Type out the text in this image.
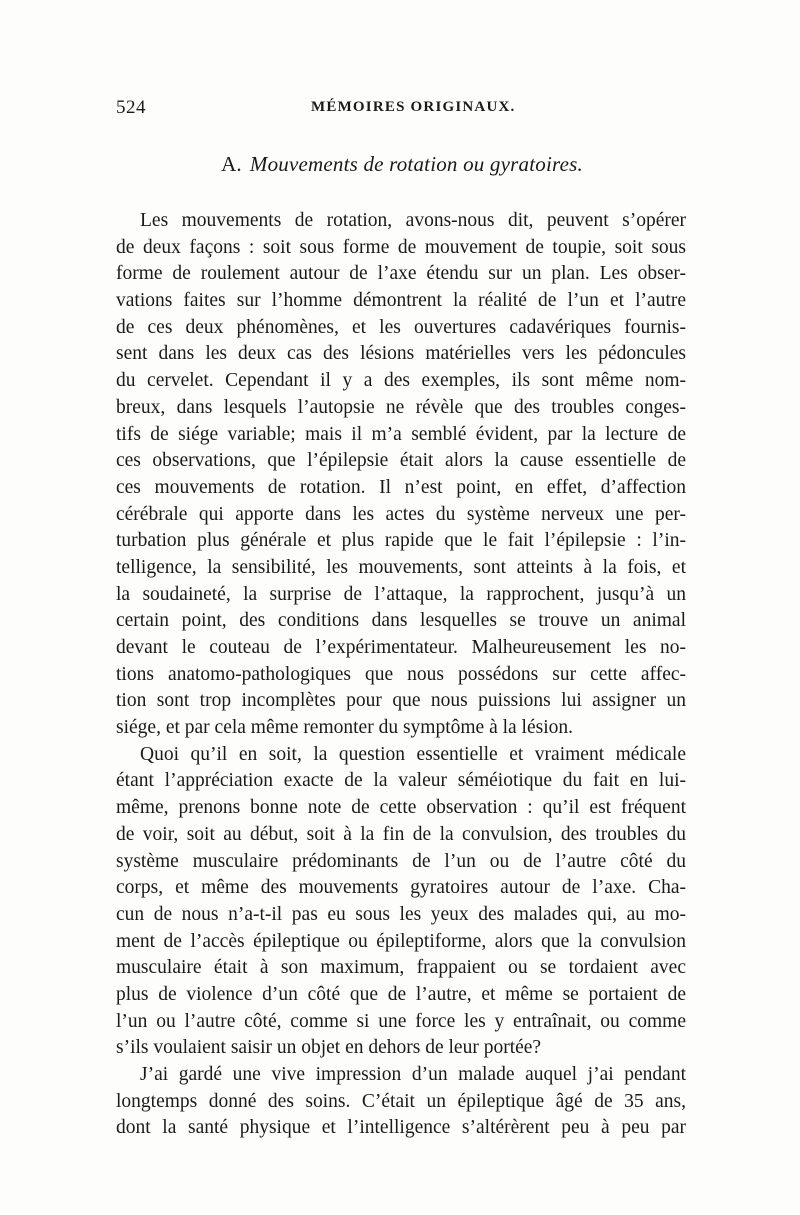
524	MÉMOIRES ORIGINAUX.
A. Mouvements de rotation ou gyratoires.
Les mouvements de rotation, avons-nous dit, peuvent s’opérer
de deux façons : soit sous forme de mouvement de toupie, soit sous
forme de roulement autour de l’axe étendu sur un plan. Les obser-
vations faites sur l’homme démontrent la réalité de l’un et l’autre
de ces deux phénomènes, et les ouvertures cadavériques fournis-
sent dans les deux cas des lésions matérielles vers les pédoncules
du cervelet. Cependant il y a des exemples, ils sont même nom-
breux, dans lesquels l’autopsie ne révèle que des troubles conges-
tifs de siége variable; mais il m’a semblé évident, par la lecture de
ces observations, que l’épilepsie était alors la cause essentielle de
ces mouvements de rotation. Il n’est point, en effet, d’affection
cérébrale qui apporte dans les actes du système nerveux une per-
turbation plus générale et plus rapide que le fait l’épilepsie : l’in-
telligence, la sensibilité, les mouvements, sont atteints à la fois, et
la soudaineté, la surprise de l’attaque, la rapprochent, jusqu’à un
certain point, des conditions dans lesquelles se trouve un animal
devant le couteau de l’expérimentateur. Malheureusement les no-
tions anatomo-pathologiques que nous possédons sur cette affec-
tion sont trop incomplètes pour que nous puissions lui assigner un
siége, et par cela même remonter du symptôme à la lésion.
Quoi qu’il en soit, la question essentielle et vraiment médicale
étant l’appréciation exacte de la valeur séméiotique du fait en lui-
même, prenons bonne note de cette observation : qu’il est fréquent
de voir, soit au début, soit à la fin de la convulsion, des troubles du
système musculaire prédominants de l’un ou de l’autre côté du
corps, et même des mouvements gyratoires autour de l’axe. Cha-
cun de nous n’a-t-il pas eu sous les yeux des malades qui, au mo-
ment de l’accès épileptique ou épileptiforme, alors que la convulsion
musculaire était à son maximum, frappaient ou se tordaient avec
plus de violence d’un côté que de l’autre, et même se portaient de
l’un ou l’autre côté, comme si une force les y entraînait, ou comme
s’ils voulaient saisir un objet en dehors de leur portée?
J’ai gardé une vive impression d’un malade auquel j’ai pendant
longtemps donné des soins. C’était un épileptique âgé de 35 ans,
dont la santé physique et l’intelligence s’altérèrent peu à peu par
